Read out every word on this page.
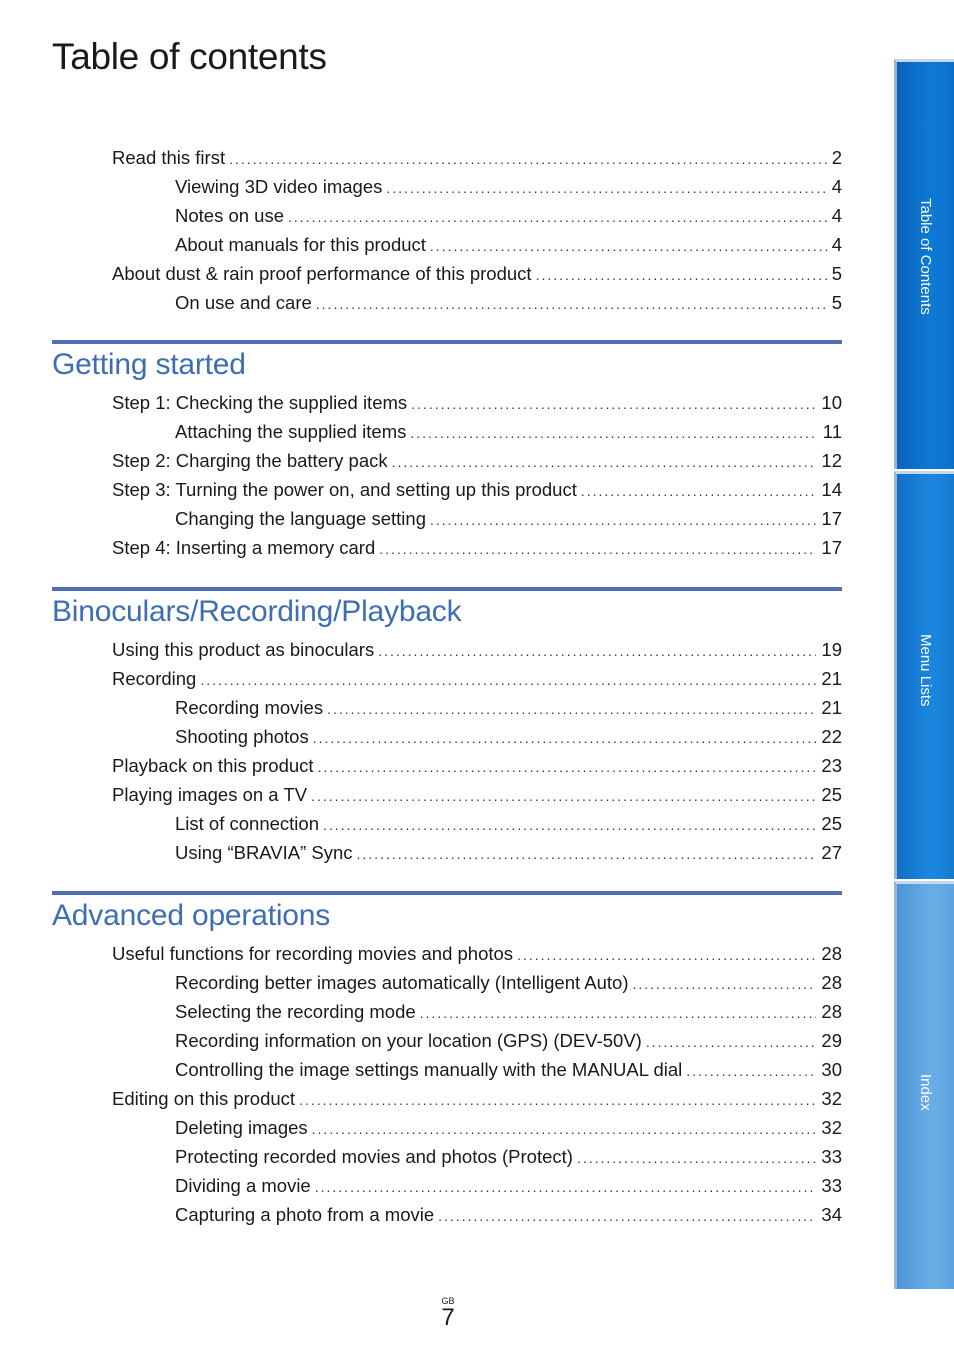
Table of contents
Read this first .....	2
Viewing 3D video images .....	4
Notes on use .....	4
About manuals for this product .....	4
About dust & rain proof performance of this product .....	5
On use and care .....	5
Getting started
Step 1: Checking the supplied items .....	10
Attaching the supplied items .....	11
Step 2: Charging the battery pack .....	12
Step 3: Turning the power on, and setting up this product .....	14
Changing the language setting .....	17
Step 4: Inserting a memory card .....	17
Binoculars/Recording/Playback
Using this product as binoculars .....	19
Recording .....	21
Recording movies .....	21
Shooting photos .....	22
Playback on this product .....	23
Playing images on a TV .....	25
List of connection .....	25
Using “BRAVIA” Sync .....	27
Advanced operations
Useful functions for recording movies and photos .....	28
Recording better images automatically (Intelligent Auto) .....	28
Selecting the recording mode .....	28
Recording information on your location (GPS) (DEV-50V) .....	29
Controlling the image settings manually with the MANUAL dial .....	30
Editing on this product .....	32
Deleting images .....	32
Protecting recorded movies and photos (Protect) .....	33
Dividing a movie .....	33
Capturing a photo from a movie .....	34
Table of Contents
Menu Lists
Index
GB
7
